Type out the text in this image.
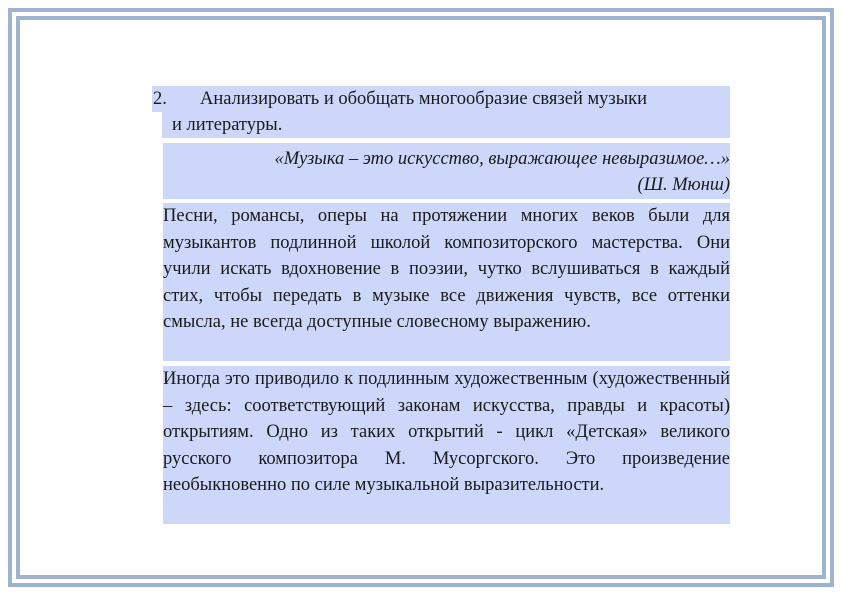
2. Анализировать и обобщать многообразие связей музыки
и литературы.

«Музыка – это искусство, выражающее невыразимое…»

(Ш. Мюнш)

Песни, романсы, оперы на протяжении многих веков были для музыкантов подлинной школой композиторского мастерства. Они учили искать вдохновение в поэзии, чутко вслушиваться в каждый стих, чтобы передать в музыке все движения чувств, все оттенки смысла, не всегда доступные словесному выражению.

Иногда это приводило к подлинным художественным (художественный – здесь: соответствующий законам искусства, правды и красоты) открытиям. Одно из таких открытий - цикл «Детская» великого русского композитора М. Мусоргского. Это произведение необыкновенно по силе музыкальной выразительности.
